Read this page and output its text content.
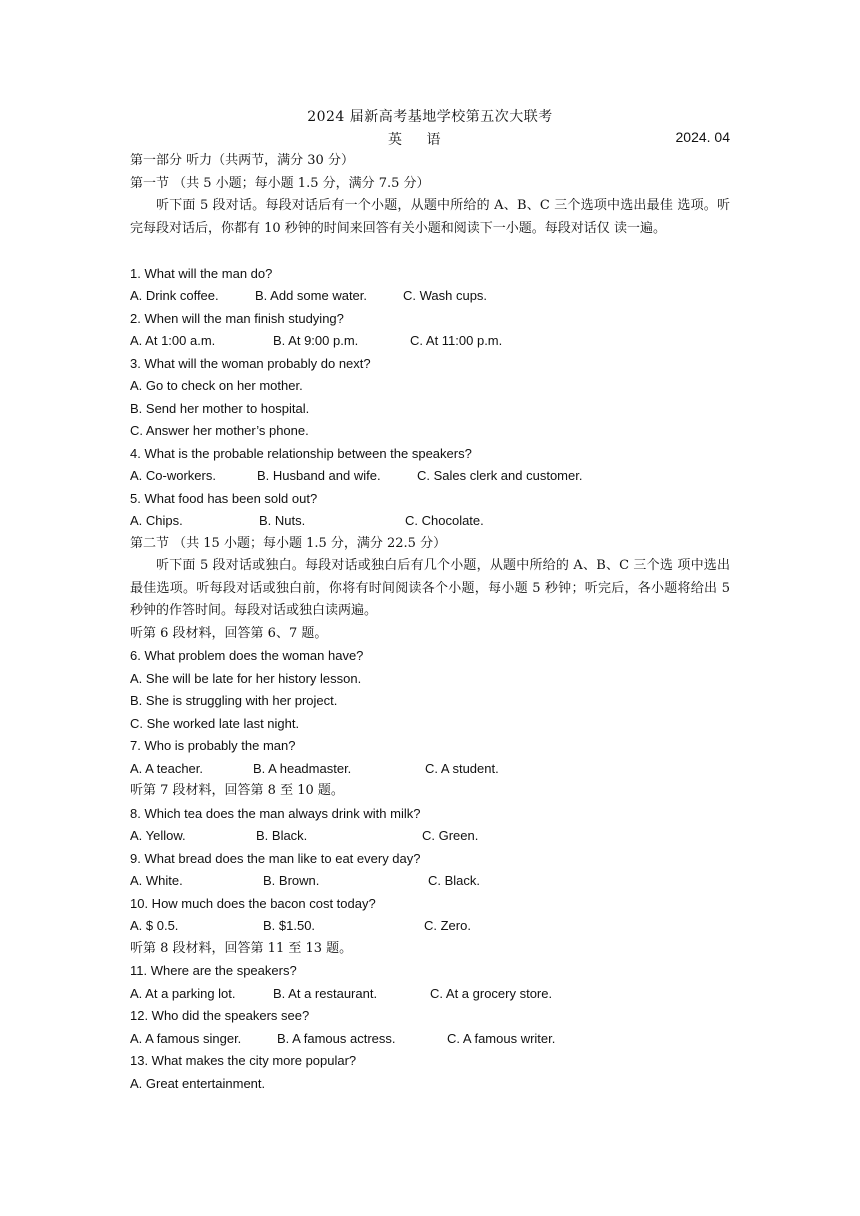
2024 届新高考基地学校第五次大联考
英 语	2024. 04
第一部分 听力（共两节，满分 30 分）
第一节 （共 5 小题；每小题 1.5 分，满分 7.5 分）
听下面 5 段对话。每段对话后有一个小题，从题中所给的 A、B、C 三个选项中选出最佳 选项。听完每段对话后，你都有 10 秒钟的时间来回答有关小题和阅读下一小题。每段对话仅 读一遍。
1. What will the man do?
A. Drink coffee.	B. Add some water.	C. Wash cups.
2. When will the man finish studying?
A. At 1:00 a.m.	B. At 9:00 p.m.	C. At 11:00 p.m.
3. What will the woman probably do next?
A. Go to check on her mother.
B. Send her mother to hospital.
C. Answer her mother’s phone.
4. What is the probable relationship between the speakers?
A. Co-workers.	B. Husband and wife.	C. Sales clerk and customer.
5. What food has been sold out?
A. Chips.	B. Nuts.	C. Chocolate.
第二节 （共 15 小题；每小题 1.5 分，满分 22.5 分）
听下面 5 段对话或独白。每段对话或独白后有几个小题，从题中所给的 A、B、C 三个选 项中选出最佳选项。听每段对话或独白前，你将有时间阅读各个小题，每小题 5 秒钟；听完后，各小题将给出 5 秒钟的作答时间。每段对话或独白读两遍。
听第 6 段材料，回答第 6、7 题。
6. What problem does the woman have?
A. She will be late for her history lesson.
B. She is struggling with her project.
C. She worked late last night.
7. Who is probably the man?
A. A teacher.	B. A headmaster.	C. A student.
听第 7 段材料，回答第 8 至 10 题。
8. Which tea does the man always drink with milk?
A. Yellow.	B. Black.	C. Green.
9. What bread does the man like to eat every day?
A. White.	B. Brown.	C. Black.
10. How much does the bacon cost today?
A. $ 0.5.	B. $1.50.	C. Zero.
听第 8 段材料，回答第 11 至 13 题。
11. Where are the speakers?
A. At a parking lot.	B. At a restaurant.	C. At a grocery store.
12. Who did the speakers see?
A. A famous singer.	B. A famous actress.	C. A famous writer.
13. What makes the city more popular?
A. Great entertainment.
